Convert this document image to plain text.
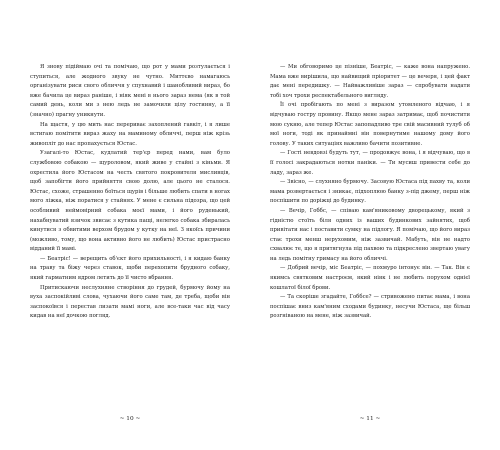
Я знову підіймаю очі та помічаю, що рот у мами розтулається і ступиться, але жодного звуку не чутно. Миттєво намагаюсь організувати риси свого обличчя у спухнавий і шанобливий вираз, бо вже бачила це вираз раніше, і ніяк мені в нього зараз нема (як в той самий день, коли ми з нею ледь не замочили цілу гостинну, а її (значно) прагну уникнути.

На щастя, у цю мить нас перериває захоплений гавкіт, і я лише встигаю помітити вираз жаху на маминому обличчі, перш ніж крізь живопліт до нас пропахується Юстас.

Узагалі-то Юстас, кудлатий тер'єр перед нами, вам було службовою собакою — щуроловом, який живе у стайні з кіньми. Я охрестила його Юстасом на честь святого покровителя мисливців, щоб запобігти його прийняття свою долю, але цього не сталося. Юстас, схоже, страшенно боїться щурів і більше любить спати в ногах мого ліжка, ніж поратися у стайнях. У мене є сильна підозра, що цей особливий неймовірний собака моєї мами, і його руденький, нахабнуватий язичок звисає з кутика пащі, нелегко собака збиралась кинутися з обвитими верхом брудом у кутку на неї. З якоїсь причини (можливо, тому, що вона активно його не любить) Юстас пристрасно відданий її мамі.

— Беатріс! — верещить об'єкт його прихильності, і я кидаю банку на траву та біжу через ставок, щоби перехопити брудного собаку, який гарматним ядром летить до її чисто вбрання.

Притискаючи неслухняне створіння до грудей, бурмочу йому на вуха заспокійливі слова, чухаючи його саме там, де треба, щоби він заспокоївся і перестав лизати мамі ноги, але все-таки час від часу кидав на неї дочкою погляд.

~ 10 ~

— Ми обговоримо це пізніше, Беатріс, — каже вона напружено. Мама вже вирішила, що найвищий пріоритет — це вечеря, і цей факт дає мені передишку. — Найважливіше зараз — спробувати надати тобі хоч трохи респектабельного вигляду.

Її очі пробігають по мені з виразом утомленого відчаю, і я відчуваю гостру провину. Якщо мене зараз затримає, щоб почистити мою сукню, але тепер Юстас запопадливо тре свій масивний тулуб об мої ноги, тоді як принаймні він повернутиме нашому дому його голову. У таких ситуаціях важливо бачити позитивне.

— Гості невдовзі будуть тут, — продовжує вона, і я відчуваю, що в її голосі закрадаються нотки паніки. — Ти мусиш привести себе до ладу, зараз же.

— Звісно, — слухняно бурмочу. Засовую Юстаса під пахву та, коли мама розвертається і зникає, підхоплюю банку з-під джему, перш ніж поспішити по доріжці до будинку.

— Вечір, Гоббс, — співаю кам'яниковому дворецькому, який з гідністю стоїть біля одних із ваших будинкових зайнятих, щоб привітати нас і поставити сумку на підлогу. Я помічаю, що його вираз стає трохи менш нерухомим, ніж зазвичай. Мабуть, він не надто схвалює те, що я притягнула під пахвою та підкреслено звертаю увагу на ледь помітну гримасу на його обличчі.

— Добрий вечір, міс Беатріс, — похмуро інтонує він. — Так. Він є якимсь святковим настроєм, який ніяк і не любить порухом однієї кошлатої білої брови.

— Та скоріше згадайте, Гоббсе? — стривожено питає мама, і вона поспішає вниз кам'яним сходами будинку, несучи Юстаса, ще більш розгніваною на мене, ніж зазвичай.

~ 11 ~
